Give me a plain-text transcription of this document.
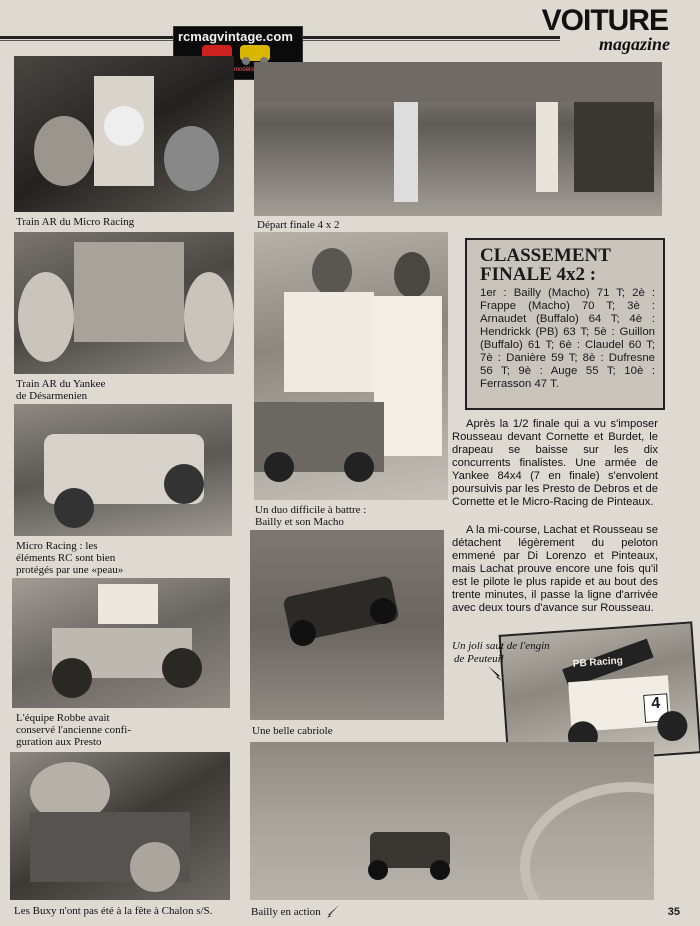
VOITURE
magazine
rcmagvintage.com
modélisme
Train AR du Micro Racing	Départ finale 4 x 2
Train AR du Yankee
de Désarmenien
Un duo difficile à battre :
Bailly et son Macho
CLASSEMENT FINALE 4x2 :
1er : Bailly (Macho) 71 T; 2è : Frappe (Macho) 70 T; 3è : Arnaudet (Buffalo) 64 T; 4è : Hendrickk (PB) 63 T; 5è : Guillon (Buffalo) 61 T; 6è : Claudel 60 T; 7è : Danière 59 T; 8è : Dufresne 56 T; 9è : Auge 55 T; 10è : Ferrasson 47 T.
Après la 1/2 finale qui a vu s'imposer Rousseau devant Cornette et Burdet, le drapeau se baisse sur les dix concurrents finalistes. Une armée de Yankee 84x4 (7 en finale) s'envolent poursuivis par les Presto de Debros et de Cornette et le Micro-Racing de Pinteaux.
A la mi-course, Lachat et Rousseau se détachent légèrement du peloton emmené par Di Lorenzo et Pinteaux, mais Lachat prouve encore une fois qu'il est le pilote le plus rapide et au bout des trente minutes, il passe la ligne d'arrivée avec deux tours d'avance sur Rousseau.
Micro Racing : les
éléments RC sont bien
protégés par une «peau»
L'équipe Robbe avait
conservé l'ancienne confi-
guration aux Presto
Une belle cabriole
PB Racing
4
Un joli saut de l'engin
de Peuteuil
Les Buxy n'ont pas été à la fête à Chalon s/S.	Bailly en action	35
